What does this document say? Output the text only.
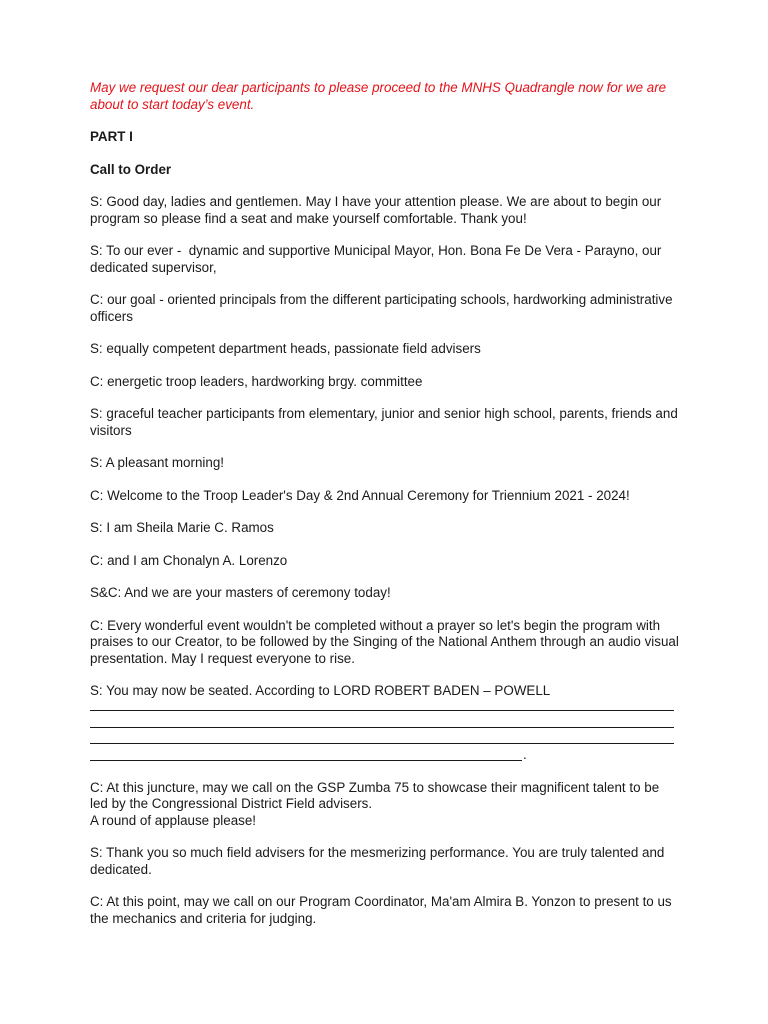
May we request our dear participants to please proceed to the MNHS Quadrangle now for we are about to start today’s event.

PART I

Call to Order

S: Good day, ladies and gentlemen. May I have your attention please. We are about to begin our program so please find a seat and make yourself comfortable. Thank you!

S: To our ever -  dynamic and supportive Municipal Mayor, Hon. Bona Fe De Vera - Parayno, our dedicated supervisor,

C: our goal - oriented principals from the different participating schools, hardworking administrative officers

S: equally competent department heads, passionate field advisers

C: energetic troop leaders, hardworking brgy. committee

S: graceful teacher participants from elementary, junior and senior high school, parents, friends and visitors

S: A pleasant morning!

C: Welcome to the Troop Leader's Day & 2nd Annual Ceremony for Triennium 2021 - 2024!

S: I am Sheila Marie C. Ramos

C: and I am Chonalyn A. Lorenzo

S&C: And we are your masters of ceremony today!

C: Every wonderful event wouldn't be completed without a prayer so let's begin the program with praises to our Creator, to be followed by the Singing of the National Anthem through an audio visual presentation. May I request everyone to rise.

S: You may now be seated. According to LORD ROBERT BADEN – POWELL

.

C: At this juncture, may we call on the GSP Zumba 75 to showcase their magnificent talent to be led by the Congressional District Field advisers.
A round of applause please!

S: Thank you so much field advisers for the mesmerizing performance. You are truly talented and dedicated.

C: At this point, may we call on our Program Coordinator, Ma'am Almira B. Yonzon to present to us the mechanics and criteria for judging.
